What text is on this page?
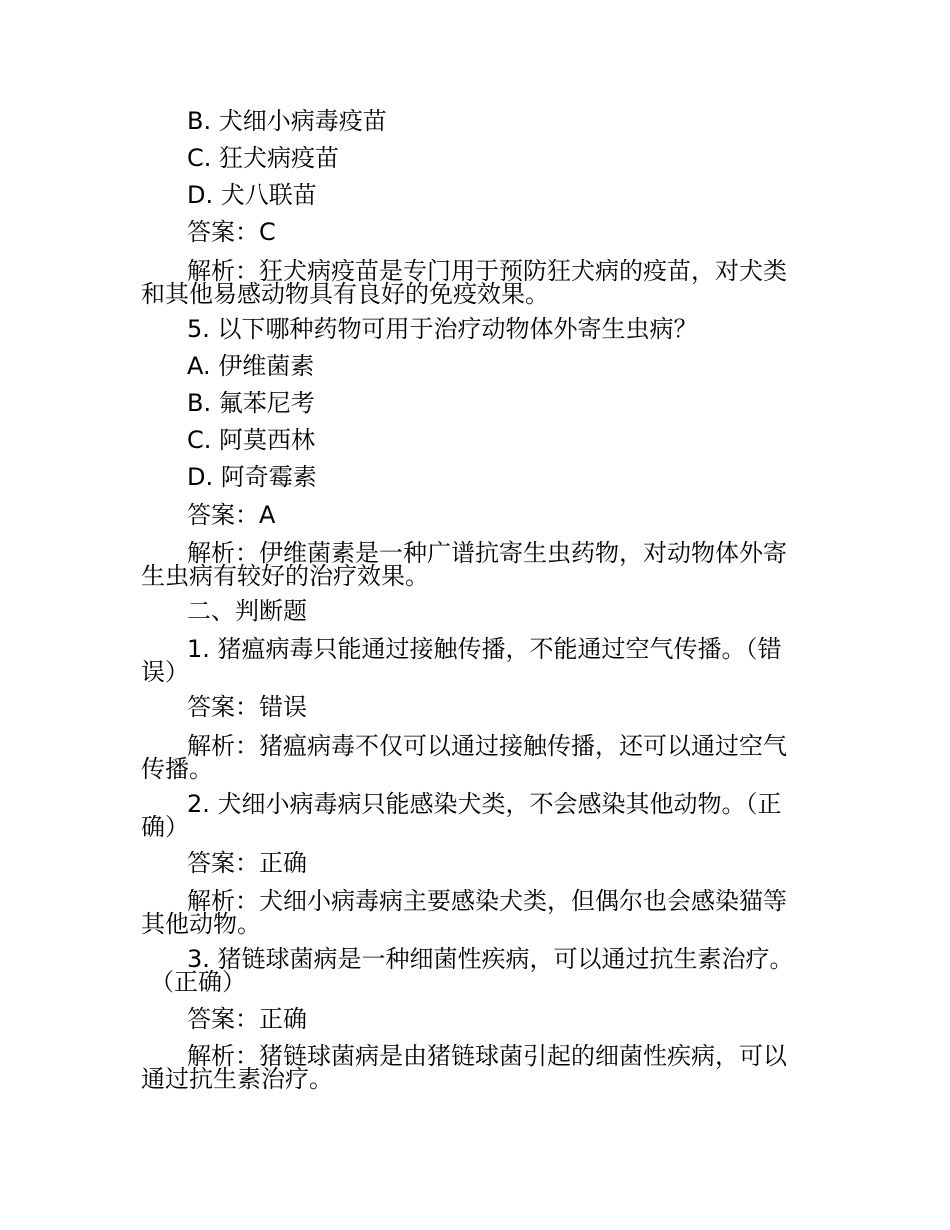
B. 犬细小病毒疫苗
C. 狂犬病疫苗
D. 犬八联苗
答案：C
解析：狂犬病疫苗是专门用于预防狂犬病的疫苗，对犬类
和其他易感动物具有良好的免疫效果。
5. 以下哪种药物可用于治疗动物体外寄生虫病？
A. 伊维菌素
B. 氟苯尼考
C. 阿莫西林
D. 阿奇霉素
答案：A
解析：伊维菌素是一种广谱抗寄生虫药物，对动物体外寄
生虫病有较好的治疗效果。
二、判断题
1. 猪瘟病毒只能通过接触传播，不能通过空气传播。（错
误）
答案：错误
解析：猪瘟病毒不仅可以通过接触传播，还可以通过空气
传播。
2. 犬细小病毒病只能感染犬类，不会感染其他动物。（正
确）
答案：正确
解析：犬细小病毒病主要感染犬类，但偶尔也会感染猫等
其他动物。
3. 猪链球菌病是一种细菌性疾病，可以通过抗生素治疗。
（正确）
答案：正确
解析：猪链球菌病是由猪链球菌引起的细菌性疾病，可以
通过抗生素治疗。
